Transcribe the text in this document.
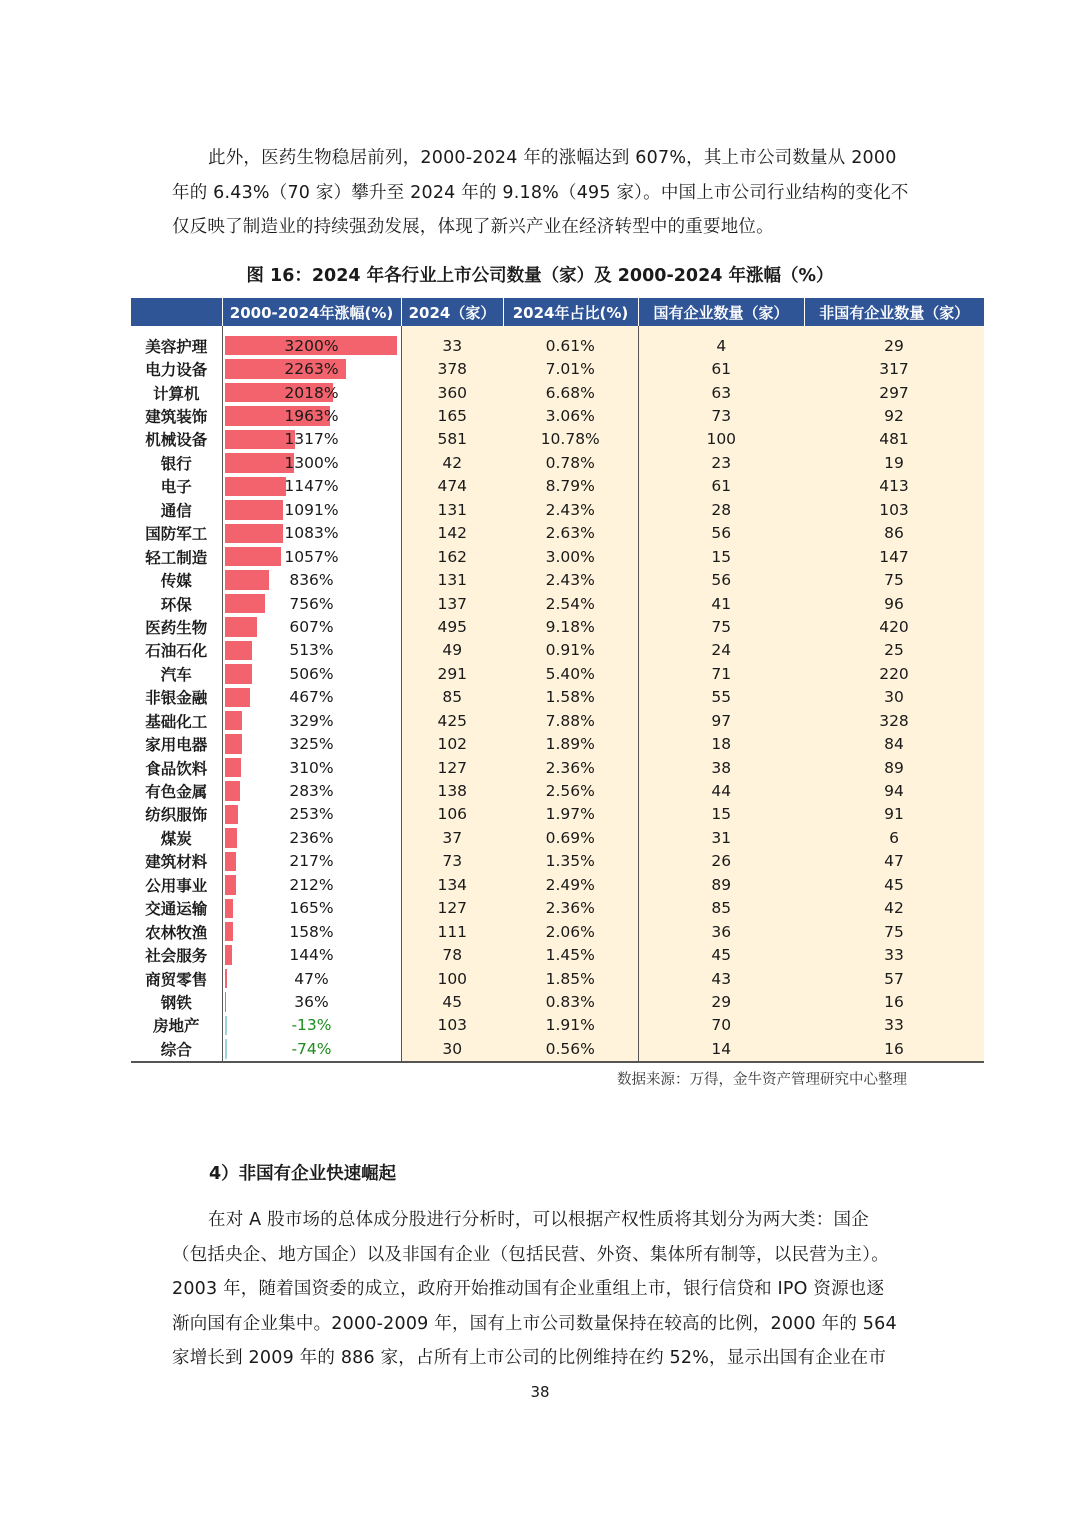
此外，医药生物稳居前列，2000-2024 年的涨幅达到 607%，其上市公司数量从 2000

年的 6.43%（70 家）攀升至 2024 年的 9.18%（495 家）。中国上市公司行业结构的变化不

仅反映了制造业的持续强劲发展，体现了新兴产业在经济转型中的重要地位。

图 16：2024 年各行业上市公司数量（家）及 2000-2024 年涨幅（%）
	2000-2024年涨幅(%)	2024（家）	2024年占比(%)	国有企业数量（家）	非国有企业数量（家）

美容护理	3200%	33	0.61%	4	29
电力设备	2263%	378	7.01%	61	317
计算机	2018%	360	6.68%	63	297
建筑装饰	1963%	165	3.06%	73	92
机械设备	1317%	581	10.78%	100	481
银行	1300%	42	0.78%	23	19
电子	1147%	474	8.79%	61	413
通信	1091%	131	2.43%	28	103
国防军工	1083%	142	2.63%	56	86
轻工制造	1057%	162	3.00%	15	147
传媒	836%	131	2.43%	56	75
环保	756%	137	2.54%	41	96
医药生物	607%	495	9.18%	75	420
石油石化	513%	49	0.91%	24	25
汽车	506%	291	5.40%	71	220
非银金融	467%	85	1.58%	55	30
基础化工	329%	425	7.88%	97	328
家用电器	325%	102	1.89%	18	84
食品饮料	310%	127	2.36%	38	89
有色金属	283%	138	2.56%	44	94
纺织服饰	253%	106	1.97%	15	91
煤炭	236%	37	0.69%	31	6
建筑材料	217%	73	1.35%	26	47
公用事业	212%	134	2.49%	89	45
交通运输	165%	127	2.36%	85	42
农林牧渔	158%	111	2.06%	36	75
社会服务	144%	78	1.45%	45	33
商贸零售	47%	100	1.85%	43	57
钢铁	36%	45	0.83%	29	16
房地产	-13%	103	1.91%	70	33
综合	-74%	30	0.56%	14	16
数据来源：万得，金牛资产管理研究中心整理
4）非国有企业快速崛起

在对 A 股市场的总体成分股进行分析时，可以根据产权性质将其划分为两大类：国企

（包括央企、地方国企）以及非国有企业（包括民营、外资、集体所有制等，以民营为主）。

2003 年，随着国资委的成立，政府开始推动国有企业重组上市，银行信贷和 IPO 资源也逐

渐向国有企业集中。2000-2009 年，国有上市公司数量保持在较高的比例，2000 年的 564

家增长到 2009 年的 886 家，占所有上市公司的比例维持在约 52%，显示出国有企业在市

38
